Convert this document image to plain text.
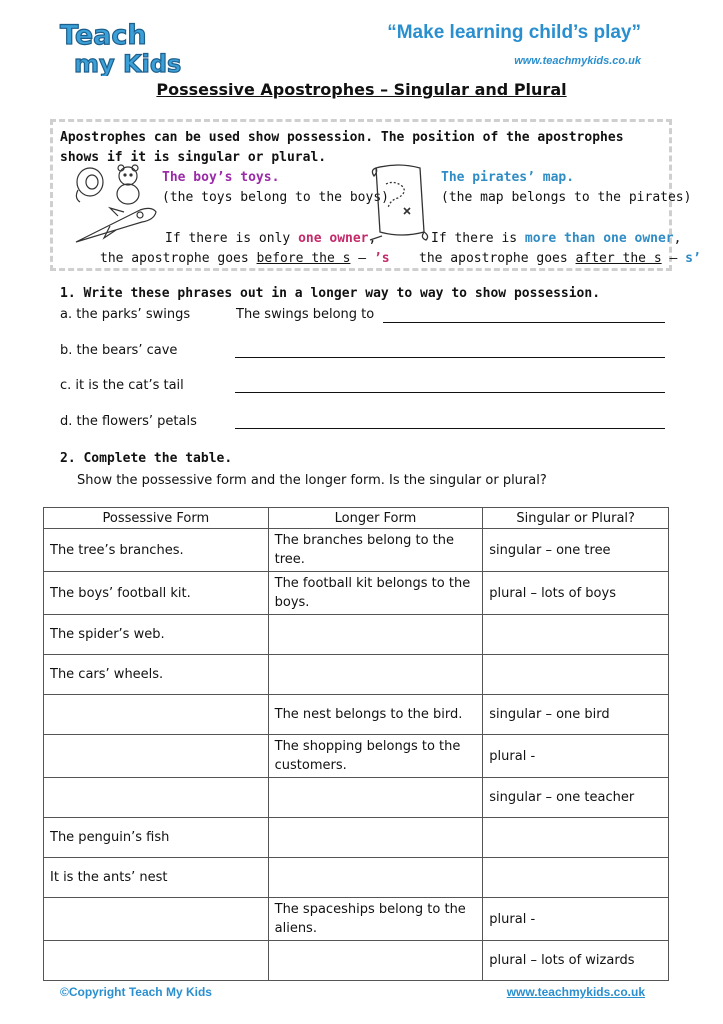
Teach
my Kids
“Make learning child’s play”
www.teachmykids.co.uk
Possessive Apostrophes – Singular and Plural
Apostrophes can be used show possession. The position of the apostrophes shows if it is singular or plural.
The boy’s toys.
(the toys belong to the boys)
The pirates’ map.
(the map belongs to the pirates)
If there is only one owner,
the apostrophe goes before the s – ’s
If there is more than one owner,
the apostrophe goes after the s – s’
1. Write these phrases out in a longer way to way to show possession.
a. the parks’ swings	The swings belong to
b. the bears’ cave
c. it is the cat’s tail
d. the flowers’ petals
2. Complete the table.
Show the possessive form and the longer form. Is the singular or plural?
Possessive Form	Longer Form	Singular or Plural?
The tree’s branches.	The branches belong to the tree.	singular – one tree
The boys’ football kit.	The football kit belongs to the boys.	plural – lots of boys
The spider’s web.		
The cars’ wheels.		
	The nest belongs to the bird.	singular – one bird
	The shopping belongs to the customers.	plural -
		singular – one teacher
The penguin’s fish		
It is the ants’ nest		
	The spaceships belong to the aliens.	plural -
		plural – lots of wizards
©Copyright Teach My Kids	www.teachmykids.co.uk
